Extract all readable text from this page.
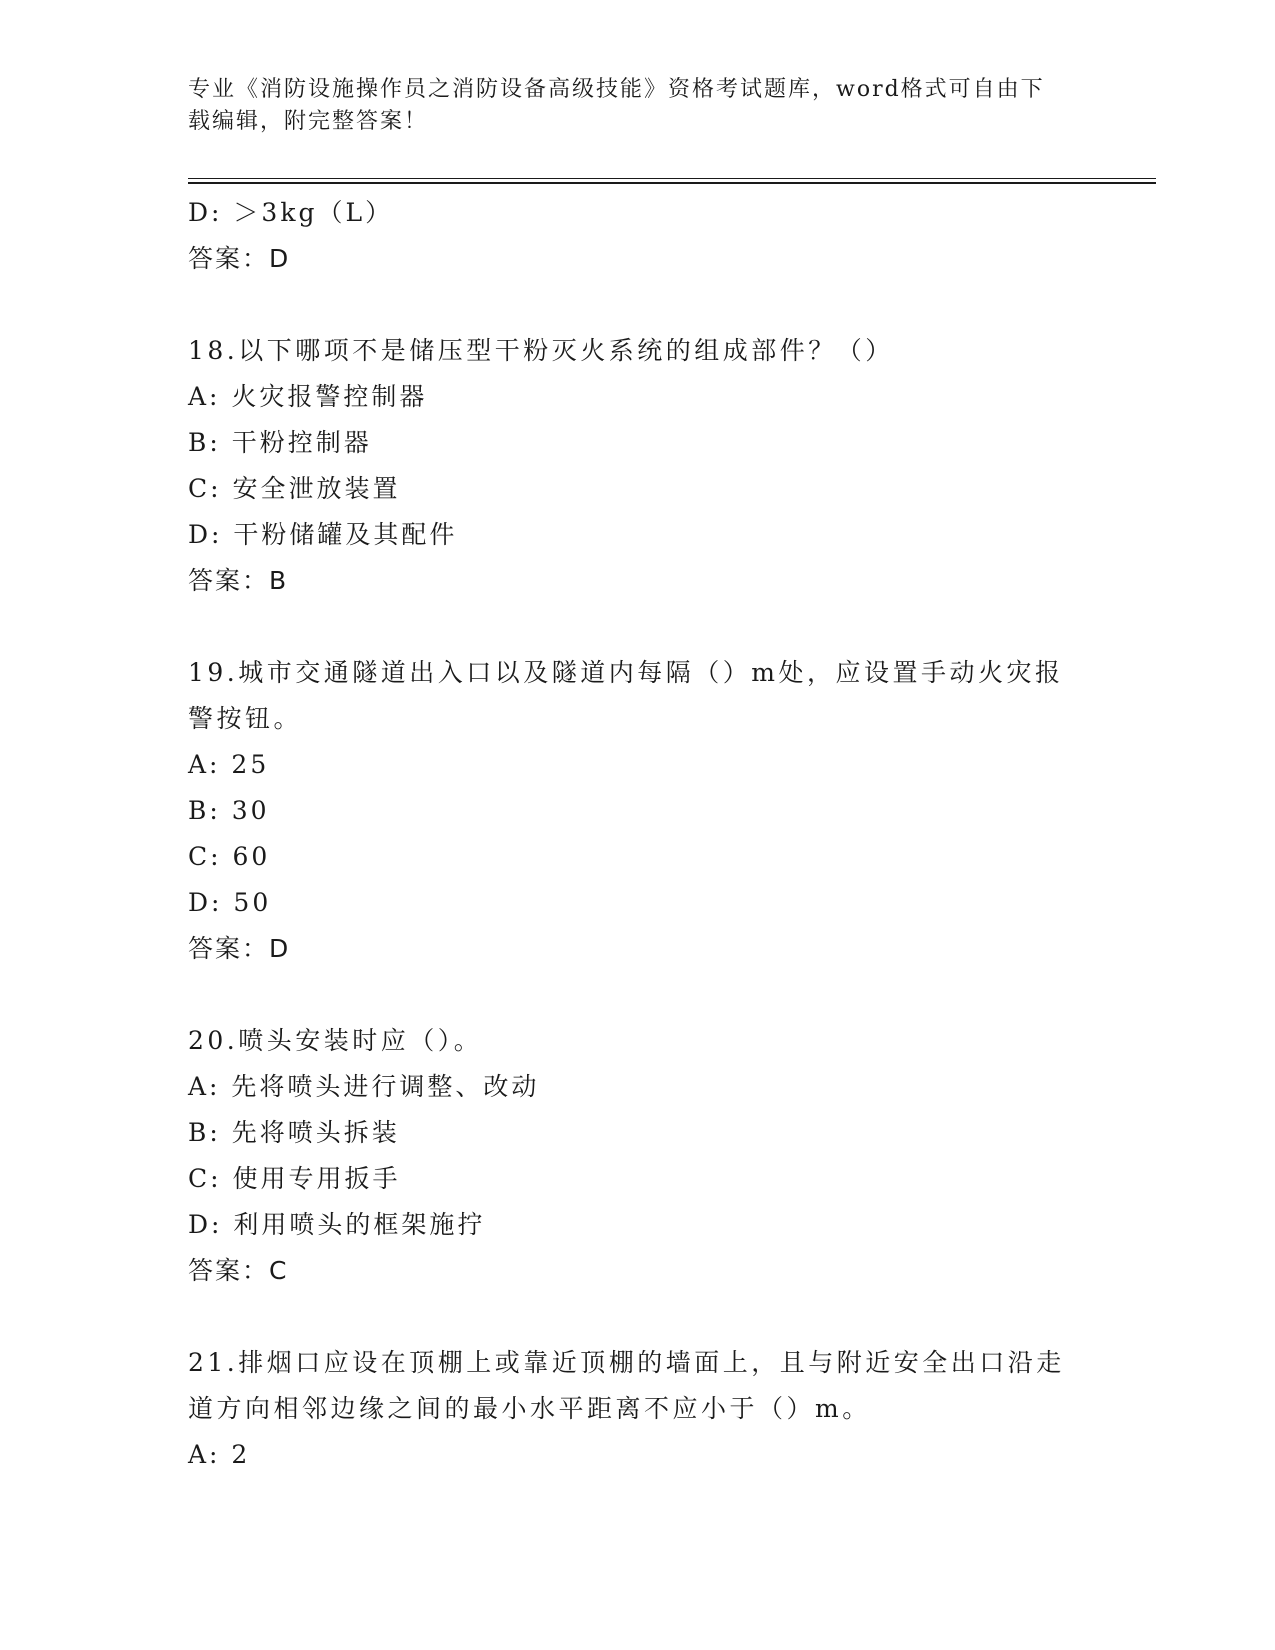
专业《消防设施操作员之消防设备高级技能》资格考试题库，word格式可自由下载编辑，附完整答案！
D: ＞3kg（L）
答案：D
18.以下哪项不是储压型干粉灭火系统的组成部件？（）
A: 火灾报警控制器
B: 干粉控制器
C: 安全泄放装置
D: 干粉储罐及其配件
答案：B
19.城市交通隧道出入口以及隧道内每隔（）m处，应设置手动火灾报警按钮。
A: 25
B: 30
C: 60
D: 50
答案：D
20.喷头安装时应（）。
A: 先将喷头进行调整、改动
B: 先将喷头拆装
C: 使用专用扳手
D: 利用喷头的框架施拧
答案：C
21.排烟口应设在顶棚上或靠近顶棚的墙面上，且与附近安全出口沿走道方向相邻边缘之间的最小水平距离不应小于（）m。
A: 2
